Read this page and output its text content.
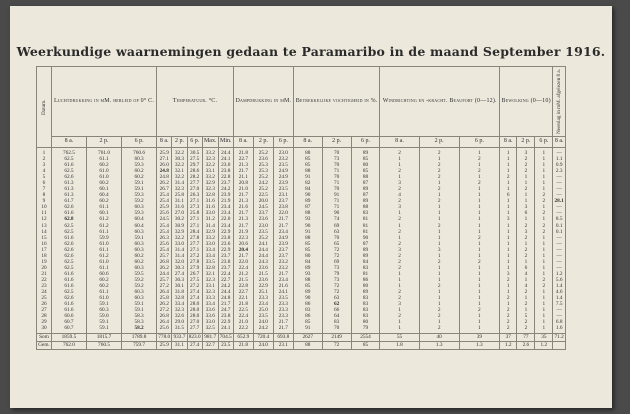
Weerkundige waarnemingen gedaan te Paramaribo in de maand September 1916.
Datum.	Luchtdrukking in mM. herleid op 0° C.			Temperatuur. °C.					Dampdrukking in mM.			Betrekkelijke vochtigheid in %.			Windrichting en -kracht. Beaufort (0—12).			Bewolking (0—10)			Neerslag in mM. afgelezen 8 a.
	8 a.	2 p.	6 p.	8 a.	2 p.	6 p.	Max.	Min.	8 a.	2 p.	6 p.	8 a.	2 p.	6 p.	8 a.	2 p.	6 p.	8 a.	2 p.	6 p.	8 a.
1	762.5	761.0	760.6	25.9	32.2	30.5	33.2	24.4	21.8	25.2	23.0	88	70	89	2	2	1	1	3	1	—
2	62.5	61.1	60.3	27.1	30.3	27.5	32.3	24.1	22.7	23.6	23.2	85	73	85	1	1	2	1	2	1	1.1
3	61.6	60.2	59.3	26.0	32.2	29.7	32.2	23.0	21.3	25.3	23.5	85	70	80	1	2	1	1	2	1	0.9
4	62.5	61.0	60.2	24.8	32.1	28.6	33.1	23.8	21.7	25.3	24.9	88	71	85	2	2	2	1	2	1	2.3
5	62.6	61.0	60.2	24.8	32.2	28.2	33.2	22.8	21.1	25.2	24.9	91	70	88	1	2	1	2	1	1	—
6	61.3	60.2	59.1	26.2	31.4	27.7	32.9	23.7	20.8	24.2	23.9	82	71	87	3	1	2	1	1	1	—
7	61.3	60.1	59.1	26.7	32.3	27.0	32.3	24.2	21.0	25.2	23.5	84	70	89	2	2	1	1	2	1	—
8	61.3	60.4	59.3	25.4	25.8	26.3	32.8	23.9	21.7	22.5	23.1	90	91	87	4	1	1	6	1	2	—
9	61.7	60.2	59.2	25.4	31.1	27.1	31.6	21.9	21.3	20.0	23.7	89	71	89	2	2	1	1	1	2	28.1
10	62.6	61.1	60.3	25.9	31.6	27.3	31.6	23.4	21.6	24.5	23.8	87	71	88	3	1	1	1	3	1	—
11	61.6	60.1	59.3	25.6	27.0	25.8	33.0	23.4	21.7	23.7	22.0	88	90	83	1	1	1	1	6	2	—
12	62.8	61.2	60.4	24.5	30.2	27.1	31.2	22.0	21.3	23.6	21.7	93	74	81	2	1	1	3	1	1	8.5
13	62.5	61.2	60.4	25.4	30.9	27.1	31.4	23.4	21.7	23.0	21.7	90	69	81	1	2	1	1	2	2	0.1
14	62.5	61.1	60.3	25.4	32.9	28.4	32.9	22.9	21.9	23.5	23.4	91	63	81	2	1	1	1	3	2	0.1
15	61.6	59.9	59.1	26.3	32.2	27.8	33.2	23.8	22.3	25.2	24.9	88	70	90	1	1	2	1	2	1	—
16	62.6	61.0	60.3	25.6	33.0	27.7	33.0	23.6	20.6	24.1	23.9	85	65	87	2	1	1	1	1	1	—
17	62.6	61.1	60.3	25.4	31.4	27.1	33.4	22.9	20.4	24.4	23.7	85	72	89	3	3	1	1	2	1	—
18	62.6	61.2	60.2	25.7	31.4	27.2	33.4	23.7	21.7	24.4	23.7	80	72	89	2	1	1	1	2	1	—
19	62.5	61.0	60.2	26.8	32.0	27.8	33.5	23.8	22.0	24.3	23.2	84	69	84	2	2	2	1	1	1	—
20	62.5	61.1	60.3	26.2	30.3	27.9	32.8	23.7	22.4	23.6	23.2	89	73	83	2	1	1	1	6	1	—
21	61.6	60.6	59.5	24.4	27.4	26.7	32.1	22.4	21.2	21.5	21.7	93	79	81	1	1	1	3	4	1	1.2
22	61.6	60.2	59.2	25.7	30.3	27.5	32.3	22.7	21.5	23.6	23.4	88	73	86	1	1	1	2	1	2	5.6
23	61.6	60.2	59.2	27.2	30.1	27.2	33.1	24.2	22.8	22.9	21.6	85	72	80	1	2	1	1	4	2	1.4
24	62.5	61.1	60.3	26.4	31.8	27.4	32.3	24.4	22.7	25.1	24.1	89	72	89	2	1	1	1	2	1	4.6
25	62.6	61.0	60.3	25.8	32.8	27.4	33.3	24.8	22.1	23.3	23.5	90	63	83	2	1	1	2	1	1	1.4
26	61.6	59.1	59.1	26.2	33.4	28.0	33.4	21.7	21.8	23.4	23.3	86	62	83	3	1	1	1	2	1	7.5
27	61.6	60.3	59.1	27.2	32.3	28.0	33.6	24.7	22.5	25.0	23.3	83	66	83	1	2	2	2	1	1	—
28	60.6	59.0	58.3	26.8	32.6	28.0	33.6	23.8	22.4	23.5	23.3	86	64	83	2	2	1	2	5	1	—
29	60.7	59.1	58.3	26.4	29.0	27.0	33.0	22.9	21.0	24.0	21.7	85	83	80	1	1	1	2	2	1	6.8
30	60.7	59.1	58.2	25.6	31.5	27.7	32.5	24.1	22.2	24.2	21.7	91	70	79	1	2	1	2	2	1	1.6
Som	1859.5	1815.7	1789.8	778.0	933.7	823.0	981.7	704.5	652.9	720.4	693.8	2627	2149	2554	55	40	39	37	77	35	71.2
Gem.	762.0	760.5	759.7	25.9	31.1	27.4	32.7	23.5	21.8	24.0	23.1	88	72	85	1.8	1.3	1.3	1.2	2.6	1.2	
